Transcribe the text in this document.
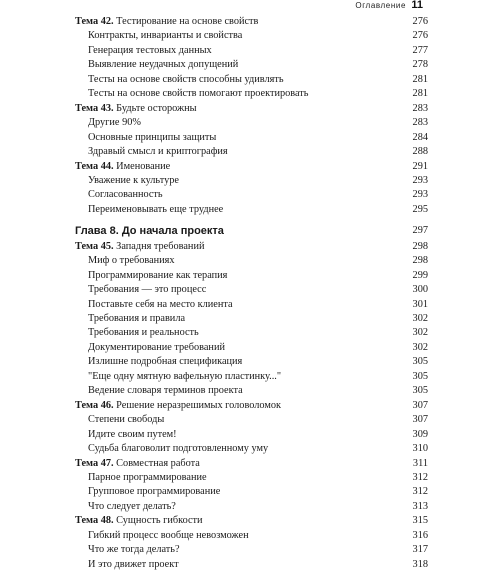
Оглавление 11
Тема 42. Тестирование на основе свойств	276
Контракты, инварианты и свойства	276
Генерация тестовых данных	277
Выявление неудачных допущений	278
Тесты на основе свойств способны удивлять	281
Тесты на основе свойств помогают проектировать	281
Тема 43. Будьте осторожны	283
Другие 90%	283
Основные принципы защиты	284
Здравый смысл и криптография	288
Тема 44. Именование	291
Уважение к культуре	293
Согласованность	293
Переименовывать еще труднее	295
Глава 8. До начала проекта	297
Тема 45. Западня требований	298
Миф о требованиях	298
Программирование как терапия	299
Требования — это процесс	300
Поставьте себя на место клиента	301
Требования и правила	302
Требования и реальность	302
Документирование требований	302
Излишне подробная спецификация	305
"Еще одну мятную вафельную пластинку..."	305
Ведение словаря терминов проекта	305
Тема 46. Решение неразрешимых головоломок	307
Степени свободы	307
Идите своим путем!	309
Судьба благоволит подготовленному уму	310
Тема 47. Совместная работа	311
Парное программирование	312
Групповое программирование	312
Что следует делать?	313
Тема 48. Сущность гибкости	315
Гибкий процесс вообще невозможен	316
Что же тогда делать?	317
И это движет проект	318
